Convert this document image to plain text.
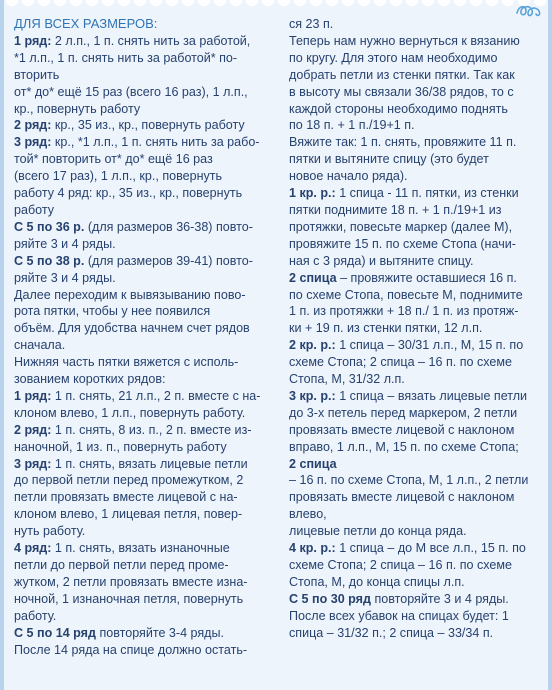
ДЛЯ ВСЕХ РАЗМЕРОВ:
1 ряд: 2 л.п., 1 п. снять нить за работой,
*1 л.п., 1 п. снять нить за работой* по-
вторить
от* до* ещё 15 раз (всего 16 раз), 1 л.п.,
кр., повернуть работу
2 ряд: кр., 35 из., кр., повернуть работу
3 ряд: кр., *1 л.п., 1 п. снять нить за рабо-
той* повторить от* до* ещё 16 раз
(всего 17 раз), 1 л.п., кр., повернуть
работу 4 ряд: кр., 35 из., кр., повернуть
работу
С 5 по 36 р. (для размеров 36-38) повто-
ряйте 3 и 4 ряды.
С 5 по 38 р. (для размеров 39-41) повто-
ряйте 3 и 4 ряды.
Далее переходим к вывязыванию пово-
рота пятки, чтобы у нее появился
объём. Для удобства начнем счет рядов
сначала.
Нижняя часть пятки вяжется с исполь-
зованием коротких рядов:
1 ряд: 1 п. снять, 21 л.п., 2 п. вместе с на-
клоном влево, 1 л.п., повернуть работу.
2 ряд: 1 п. снять, 8 из. п., 2 п. вместе из-
наночной, 1 из. п., повернуть работу
3 ряд: 1 п. снять, вязать лицевые петли
до первой петли перед промежутком, 2
петли провязать вместе лицевой с на-
клоном влево, 1 лицевая петля, повер-
нуть работу.
4 ряд: 1 п. снять, вязать изнаночные
петли до первой петли перед проме-
жутком, 2 петли провязать вместе изна-
ночной, 1 изнаночная петля, повернуть
работу.
С 5 по 14 ряд повторяйте 3-4 ряды.
После 14 ряда на спице должно остать-
ся 23 п.
Теперь нам нужно вернуться к вязанию
по кругу. Для этого нам необходимо
добрать петли из стенки пятки. Так как
в высоту мы связали 36/38 рядов, то с
каждой стороны необходимо поднять
по 18 п. + 1 п./19+1 п.
Вяжите так: 1 п. снять, провяжите 11 п.
пятки и вытяните спицу (это будет
новое начало ряда).
1 кр. р.: 1 спица - 11 п. пятки, из стенки
пятки поднимите 18 п. + 1 п./19+1 из
протяжки, повесьте маркер (далее М),
провяжите 15 п. по схеме Стопа (начи-
ная с 3 ряда) и вытяните спицу.
2 спица – провяжите оставшиеся 16 п.
по схеме Стопа, повесьте М, поднимите
1 п. из протяжки + 18 п./ 1 п. из протяж-
ки + 19 п. из стенки пятки, 12 л.п.
2 кр. р.: 1 спица – 30/31 л.п., М, 15 п. по
схеме Стопа; 2 спица – 16 п. по схеме
Стопа, М, 31/32 л.п.
3 кр. р.: 1 спица – вязать лицевые петли
до 3-х петель перед маркером, 2 петли
провязать вместе лицевой с наклоном
вправо, 1 л.п., М, 15 п. по схеме Стопа;
2 спица
– 16 п. по схеме Стопа, М, 1 л.п., 2 петли
провязать вместе лицевой с наклоном
влево,
лицевые петли до конца ряда.
4 кр. р.: 1 спица – до М все л.п., 15 п. по
схеме Стопа; 2 спица – 16 п. по схеме
Стопа, М, до конца спицы л.п.
С 5 по 30 ряд повторяйте 3 и 4 ряды.
После всех убавок на спицах будет: 1
спица – 31/32 п.; 2 спица – 33/34 п.
